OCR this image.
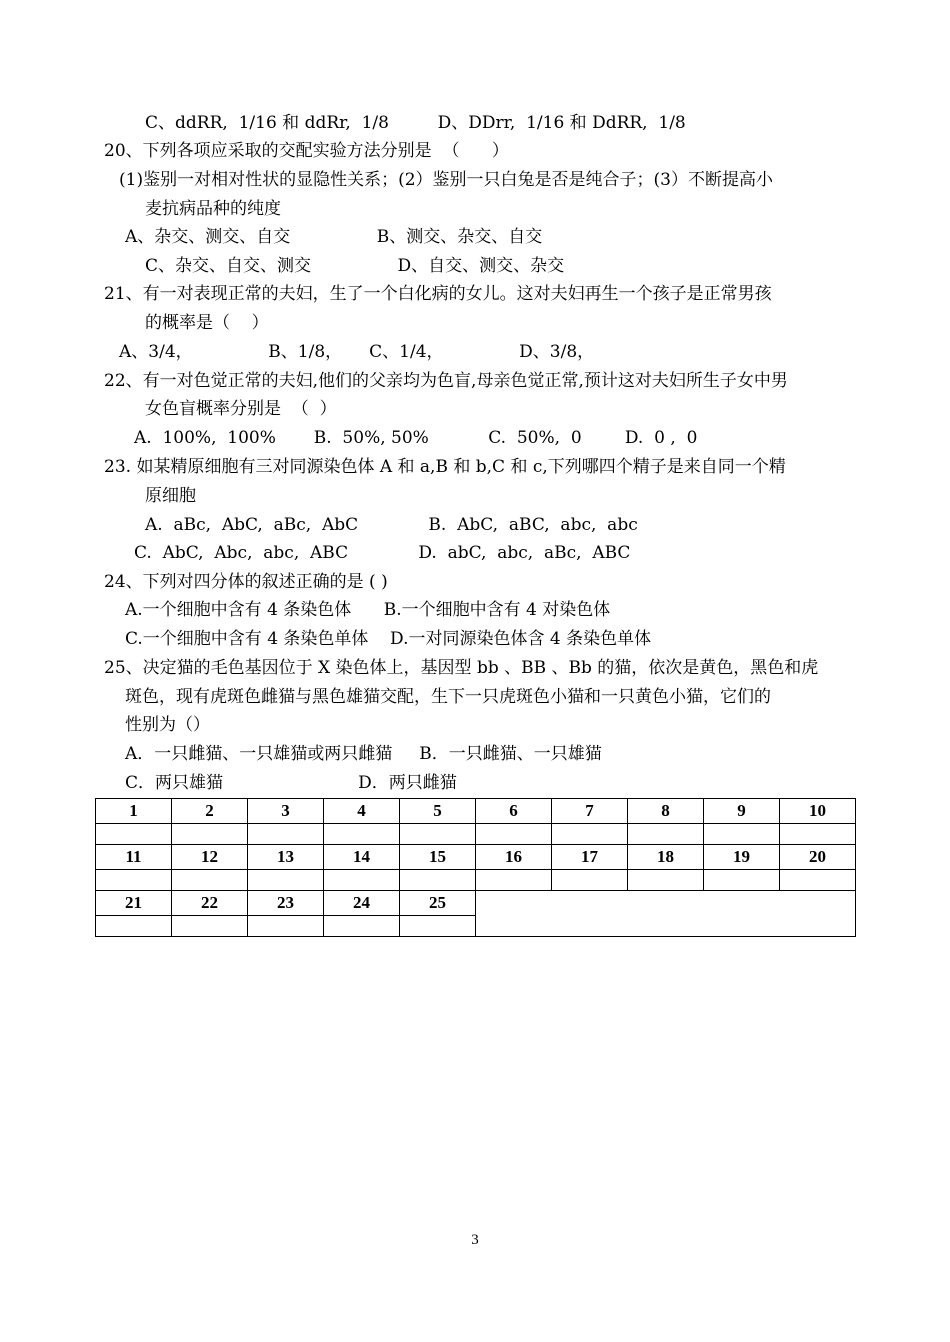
C、ddRR,  1/16 和 ddRr,  1/8         D、DDrr,  1/16 和 DdRR,  1/8
20、下列各项应采取的交配实验方法分别是  （      ）
(1)鉴别一对相对性状的显隐性关系；(2）鉴别一只白兔是否是纯合子；(3）不断提高小
麦抗病品种的纯度
A、杂交、测交、自交                B、测交、杂交、自交
C、杂交、自交、测交                D、自交、测交、杂交
21、有一对表现正常的夫妇，生了一个白化病的女儿。这对夫妇再生一个孩子是正常男孩
的概率是（    ）
A、3/4，              B、1/8，     C、1/4，              D、3/8，
22、有一对色觉正常的夫妇,他们的父亲均为色盲,母亲色觉正常,预计这对夫妇所生子女中男
女色盲概率分别是  （  ）
A.  100%,  100%       B.  50%, 50%           C.  50%,  0        D.  0 ,  0
23. 如某精原细胞有三对同源染色体 A 和 a,B 和 b,C 和 c,下列哪四个精子是来自同一个精
原细胞
A.  aBc,  AbC,  aBc,  AbC             B.  AbC,  aBC,  abc,  abc
C.  AbC,  Abc,  abc,  ABC             D.  abC,  abc,  aBc,  ABC
24、下列对四分体的叙述正确的是 ( )
A.一个细胞中含有 4 条染色体      B.一个细胞中含有 4 对染色体
C.一个细胞中含有 4 条染色单体    D.一对同源染色体含 4 条染色单体
25、决定猫的毛色基因位于 X 染色体上，基因型 bb 、BB 、Bb 的猫，依次是黄色，黑色和虎
斑色，现有虎斑色雌猫与黑色雄猫交配，生下一只虎斑色小猫和一只黄色小猫，它们的
性别为（）
A．一只雌猫、一只雄猫或两只雌猫     B．一只雌猫、一只雄猫
C．两只雄猫                         D．两只雌猫
1	2	3	4	5	6	7	8	9	10

11	12	13	14	15	16	17	18	19	20

21	22	23	24	25					

3
